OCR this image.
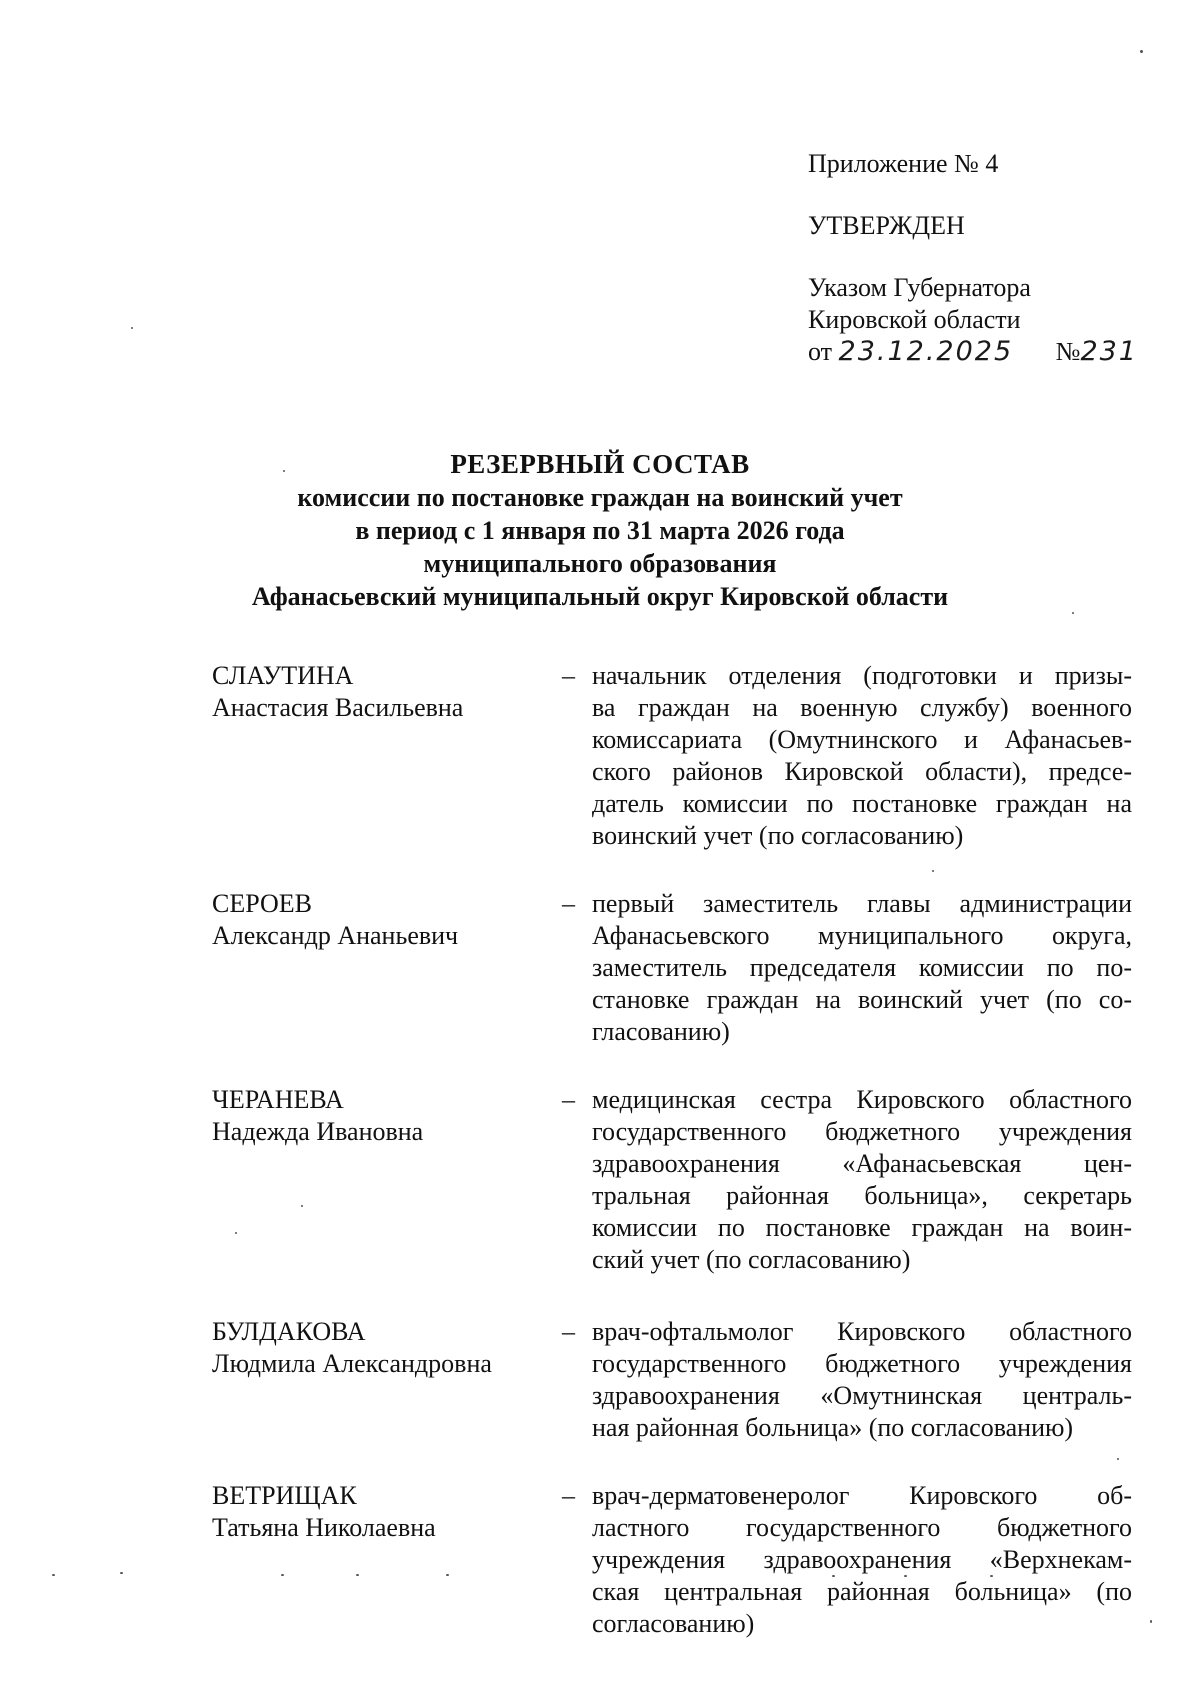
Приложение № 4
УТВЕРЖДЕН
Указом Губернатора
Кировской области
от 23.12.2025 №231
РЕЗЕРВНЫЙ СОСТАВ
комиссии по постановке граждан на воинский учет
в период с 1 января по 31 марта 2026 года
муниципального образования
Афанасьевский муниципальный округ Кировской области
СЛАУТИНА
Анастасия Васильевна
– начальник отделения (подготовки и призы-
ва граждан на военную службу) военного
комиссариата (Омутнинского и Афанасьев-
ского районов Кировской области), предсе-
датель комиссии по постановке граждан на
воинский учет (по согласованию)
СЕРОЕВ
Александр Ананьевич
– первый заместитель главы администрации
Афанасьевского муниципального округа,
заместитель председателя комиссии по по-
становке граждан на воинский учет (по со-
гласованию)
ЧЕРАНЕВА
Надежда Ивановна
– медицинская сестра Кировского областного
государственного бюджетного учреждения
здравоохранения «Афанасьевская цен-
тральная районная больница», секретарь
комиссии по постановке граждан на воин-
ский учет (по согласованию)
БУЛДАКОВА
Людмила Александровна
– врач-офтальмолог Кировского областного
государственного бюджетного учреждения
здравоохранения «Омутнинская централь-
ная районная больница» (по согласованию)
ВЕТРИЩАК
Татьяна Николаевна
– врач-дерматовенеролог Кировского об-
ластного государственного бюджетного
учреждения здравоохранения «Верхнекам-
ская центральная районная больница» (по
согласованию)
